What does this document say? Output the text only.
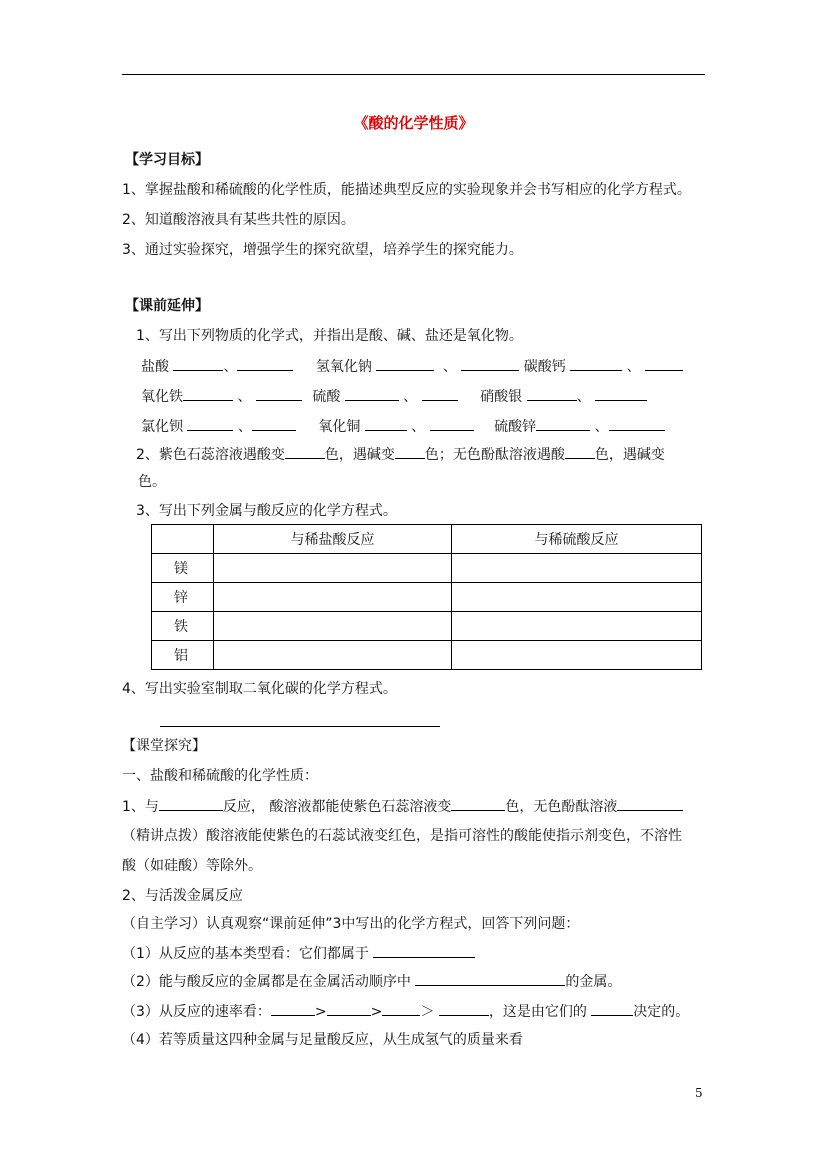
《酸的化学性质》
【学习目标】
1、掌握盐酸和稀硫酸的化学性质，能描述典型反应的实验现象并会书写相应的化学方程式。
2、知道酸溶液具有某些共性的原因。
3、通过实验探究，增强学生的探究欲望，培养学生的探究能力。
【课前延伸】
1、写出下列物质的化学式，并指出是酸、碱、盐还是氧化物。
盐酸	、	氢氧化钠	、	碳酸钙	、
氧化铁	、	硫酸	、	硝酸银	、
氯化钡	、	氧化铜	、	硫酸锌	、
2、紫色石蕊溶液遇酸变	色，遇碱变 色；无色酚酞溶液遇酸 色，遇碱变
色。
3、写出下列金属与酸反应的化学方程式。
	与稀盐酸反应	与稀硫酸反应
镁		
锌		
铁		
铝		
4、写出实验室制取二氧化碳的化学方程式。
【课堂探究】
一、盐酸和稀硫酸的化学性质：
1、与	反应， 酸溶液都能使紫色石蕊溶液变	色，无色酚酞溶液
（精讲点拨）酸溶液能使紫色的石蕊试液变红色，是指可溶性的酸能使指示剂变色，不溶性
酸（如硅酸）等除外。
2、与活泼金属反应
（自主学习）认真观察“课前延伸”3中写出的化学方程式，回答下列问题：
（1）从反应的基本类型看：它们都属于
（2）能与酸反应的金属都是在金属活动顺序中	的金属。
（3）从反应的速率看：	>	>	＞	，这是由它们的	决定的。
（4）若等质量这四种金属与足量酸反应，从生成氢气的质量来看
5
